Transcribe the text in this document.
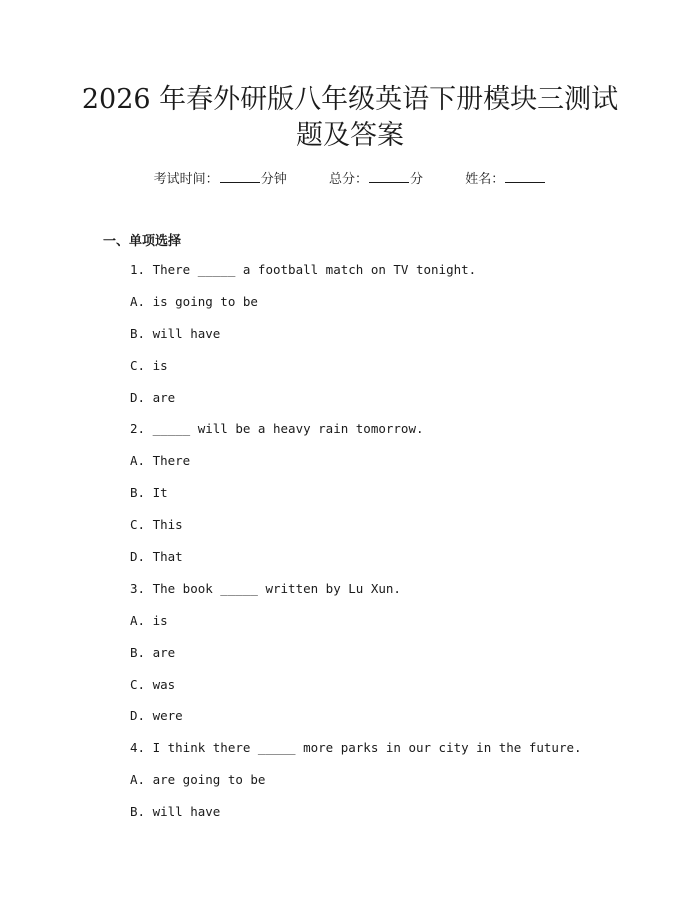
2026 年春外研版八年级英语下册模块三测试
题及答案
考试时间：	分钟	总分：	分	姓名：
一、单项选择
1. There _____ a football match on TV tonight.
A. is going to be
B. will have
C. is
D. are
2. _____ will be a heavy rain tomorrow.
A. There
B. It
C. This
D. That
3. The book _____ written by Lu Xun.
A. is
B. are
C. was
D. were
4. I think there _____ more parks in our city in the future.
A. are going to be
B. will have
